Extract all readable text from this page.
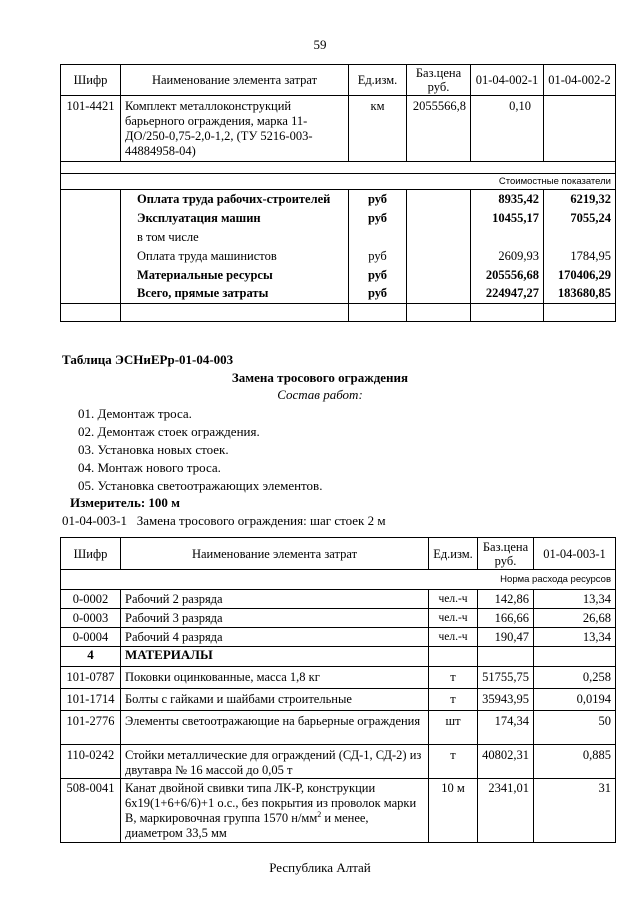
59
Шифр	Наименование элемента затрат	Ед.изм.	Баз.цена руб.	01-04-002-1	01-04-002-2
101-4421	Комплект металлоконструкций барьерного ограждения, марка 11-ДО/250-0,75-2,0-1,2, (ТУ 5216-003-44884958-04)	км	2055566,8	0,10	

Стоимостные показатели					
	Оплата труда рабочих-строителей	руб		8935,42	6219,32
	Эксплуатация машин	руб		10455,17	7055,24
	в том числе				
	Оплата труда машинистов	руб		2609,93	1784,95
	Материальные ресурсы	руб		205556,68	170406,29
	Всего, прямые затраты	руб		224947,27	183680,85

Таблица ЭСНиЕРр-01-04-003
Замена тросового ограждения
Состав работ:
01. Демонтаж троса.
02. Демонтаж стоек ограждения.
03. Установка новых стоек.
04. Монтаж нового троса.
05. Установка светоотражающих элементов.
Измеритель: 100 м
01-04-003-1   Замена тросового ограждения: шаг стоек 2 м
Шифр	Наименование элемента затрат	Ед.изм.	Баз.цена руб.	01-04-003-1
Норма расхода ресурсов				
0-0002	Рабочий 2 разряда	чел.-ч	142,86	13,34
0-0003	Рабочий 3 разряда	чел.-ч	166,66	26,68
0-0004	Рабочий 4 разряда	чел.-ч	190,47	13,34
4	МАТЕРИАЛЫ			
101-0787	Поковки оцинкованные, масса 1,8 кг	т	51755,75	0,258
101-1714	Болты с гайками и шайбами строительные	т	35943,95	0,0194
101-2776	Элементы светоотражающие на барьерные ограждения	шт	174,34	50
110-0242	Стойки металлические для ограждений (СД-1, СД-2) из двутавра № 16 массой до 0,05 т	т	40802,31	0,885
508-0041	Канат двойной свивки типа ЛК-Р, конструкции 6х19(1+6+6/6)+1 о.с., без покрытия из проволок марки В, маркировочная группа 1570 $н/мм^2$ и менее, диаметром 33,5 мм	10 м	2341,01	31
Республика Алтай
